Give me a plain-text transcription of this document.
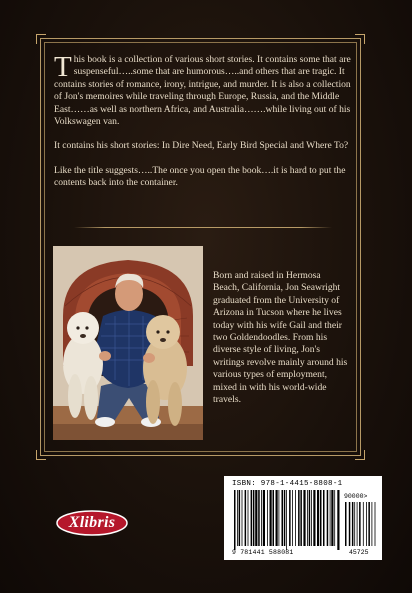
This book is a collection of various short stories. It contains some that are suspenseful…..some that are humorous…..and others that are tragic. It contains stories of romance, irony, intrigue, and murder. It is also a collection of Jon's memoires while traveling through Europe, Russia, and the Middle East……as well as northern Africa, and Australia…….while living out of his Volkswagen van.

It contains his short stories: In Dire Need, Early Bird Special and Where To?

Like the title suggests…..The once you open the book….it is hard to put the contents back into the container.

Born and raised in Hermosa Beach, California, Jon Seawright graduated from the University of Arizona in Tucson where he lives today with his wife Gail and their two Goldendoodles. From his diverse style of living, Jon's writings revolve mainly around his various types of employment, mixed in with his world-wide travels.
Xlibris
ISBN: 978-1-4415-8808-1
90000>
9 781441 588081	45725
